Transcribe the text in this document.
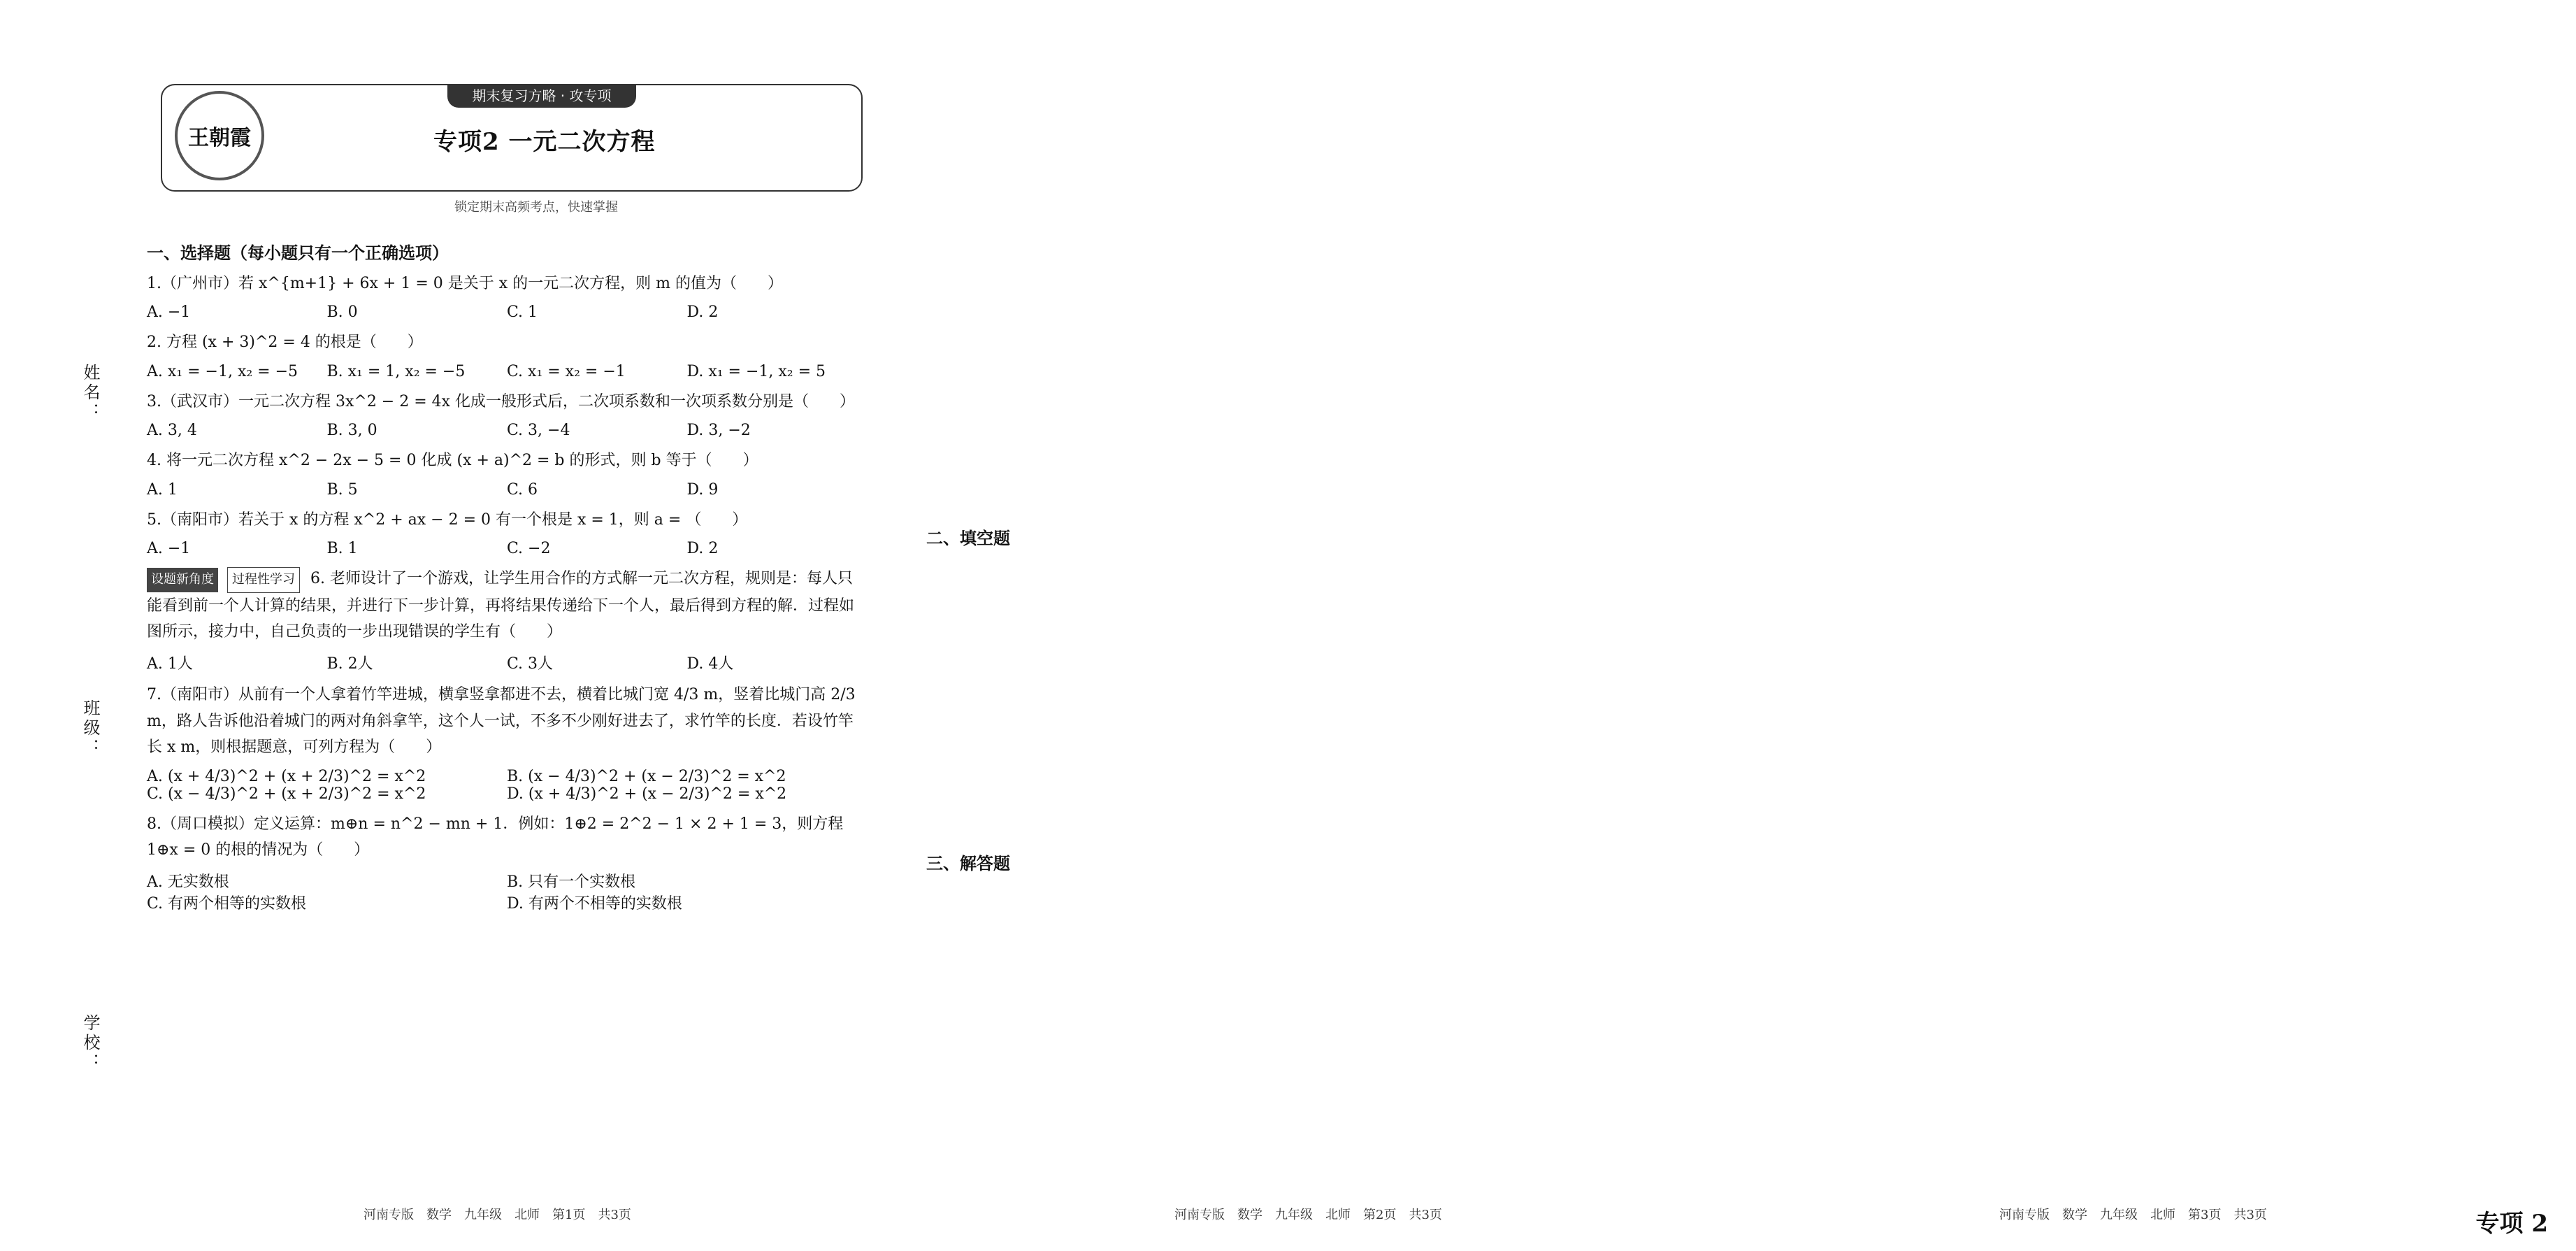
期末复习方略 · 攻专项
王朝霞	专项2 一元二次方程
锁定期末高频考点，快速掌握
姓名：
班级：
学校：
一、选择题（每小题只有一个正确选项）
1.（广州市）若 x^{m+1} + 6x + 1 = 0 是关于 x 的一元二次方程，则 m 的值为（　　）
A. −1	B. 0	C. 1	D. 2
2. 方程 (x + 3)^2 = 4 的根是（　　）
A. x₁ = −1, x₂ = −5	B. x₁ = 1, x₂ = −5	C. x₁ = x₂ = −1	D. x₁ = −1, x₂ = 5
3.（武汉市）一元二次方程 3x^2 − 2 = 4x 化成一般形式后，二次项系数和一次项系数分别是（　　）
A. 3, 4	B. 3, 0	C. 3, −4	D. 3, −2
4. 将一元二次方程 x^2 − 2x − 5 = 0 化成 (x + a)^2 = b 的形式，则 b 等于（　　）
A. 1	B. 5	C. 6	D. 9
5.（南阳市）若关于 x 的方程 x^2 + ax − 2 = 0 有一个根是 x = 1，则 a = （　　）
A. −1	B. 1	C. −2	D. 2
设题新角度 过程性学习 6. 老师设计了一个游戏，让学生用合作的方式解一元二次方程，规则是：每人只能看到前一个人计算的结果，并进行下一步计算，再将结果传递给下一个人，最后得到方程的解．过程如图所示，接力中，自己负责的一步出现错误的学生有（　　）
A. 1人	B. 2人	C. 3人	D. 4人
7.（南阳市）从前有一个人拿着竹竿进城，横拿竖拿都进不去，横着比城门宽 4/3 m，竖着比城门高 2/3 m，路人告诉他沿着城门的两对角斜拿竿，这个人一试，不多不少刚好进去了，求竹竿的长度．若设竹竿长 x m，则根据题意，可列方程为（　　）
A. (x + 4/3)^2 + (x + 2/3)^2 = x^2	B. (x − 4/3)^2 + (x − 2/3)^2 = x^2
C. (x − 4/3)^2 + (x + 2/3)^2 = x^2	D. (x + 4/3)^2 + (x − 2/3)^2 = x^2
8.（周口模拟）定义运算：m⊕n = n^2 − mn + 1．例如：1⊕2 = 2^2 − 1 × 2 + 1 = 3，则方程 1⊕x = 0 的根的情况为（　　）
A. 无实数根	B. 只有一个实数根
C. 有两个相等的实数根	D. 有两个不相等的实数根
二、填空题
三、解答题
河南专版　数学　九年级　北师　第1页　共3页	河南专版　数学　九年级　北师　第2页　共3页	河南专版　数学　九年级　北师　第3页　共3页	专项 2
